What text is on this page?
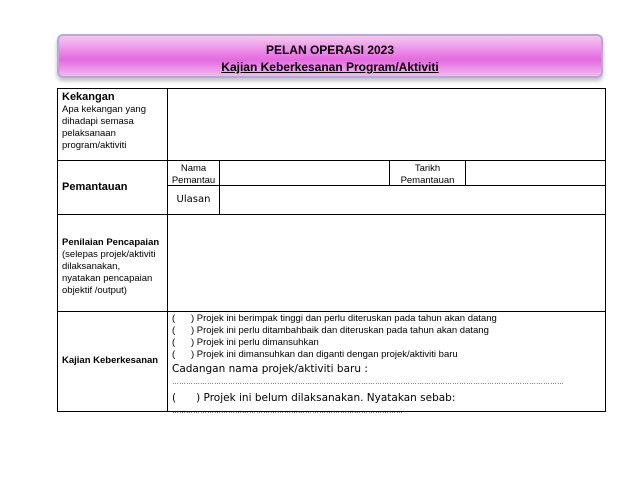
PELAN OPERASI 2023
Kajian Keberkesanan Program/Aktiviti
Kekangan
Apa kekangan yang
dihadapi semasa
pelaksanaan
program/aktiviti
Pemantauan
Nama
Pemantau
Tarikh
Pemantauan
Ulasan
Penilaian Pencapaian
(selepas projek/aktiviti
dilaksanakan,
nyatakan pencapaian
objektif /output)
Kajian Keberkesanan
(      ) Projek ini berimpak tinggi dan perlu diteruskan pada tahun akan datang
(      ) Projek ini perlu ditambahbaik dan diteruskan pada tahun akan datang
(      ) Projek ini perlu dimansuhkan
(      ) Projek ini dimansuhkan dan diganti dengan projek/aktiviti baru
Cadangan nama projek/aktiviti baru :
……………………………………………………………………………………………………………………………………………………
(      ) Projek ini belum dilaksanakan. Nyatakan sebab:
………………………………………………………………………………………
